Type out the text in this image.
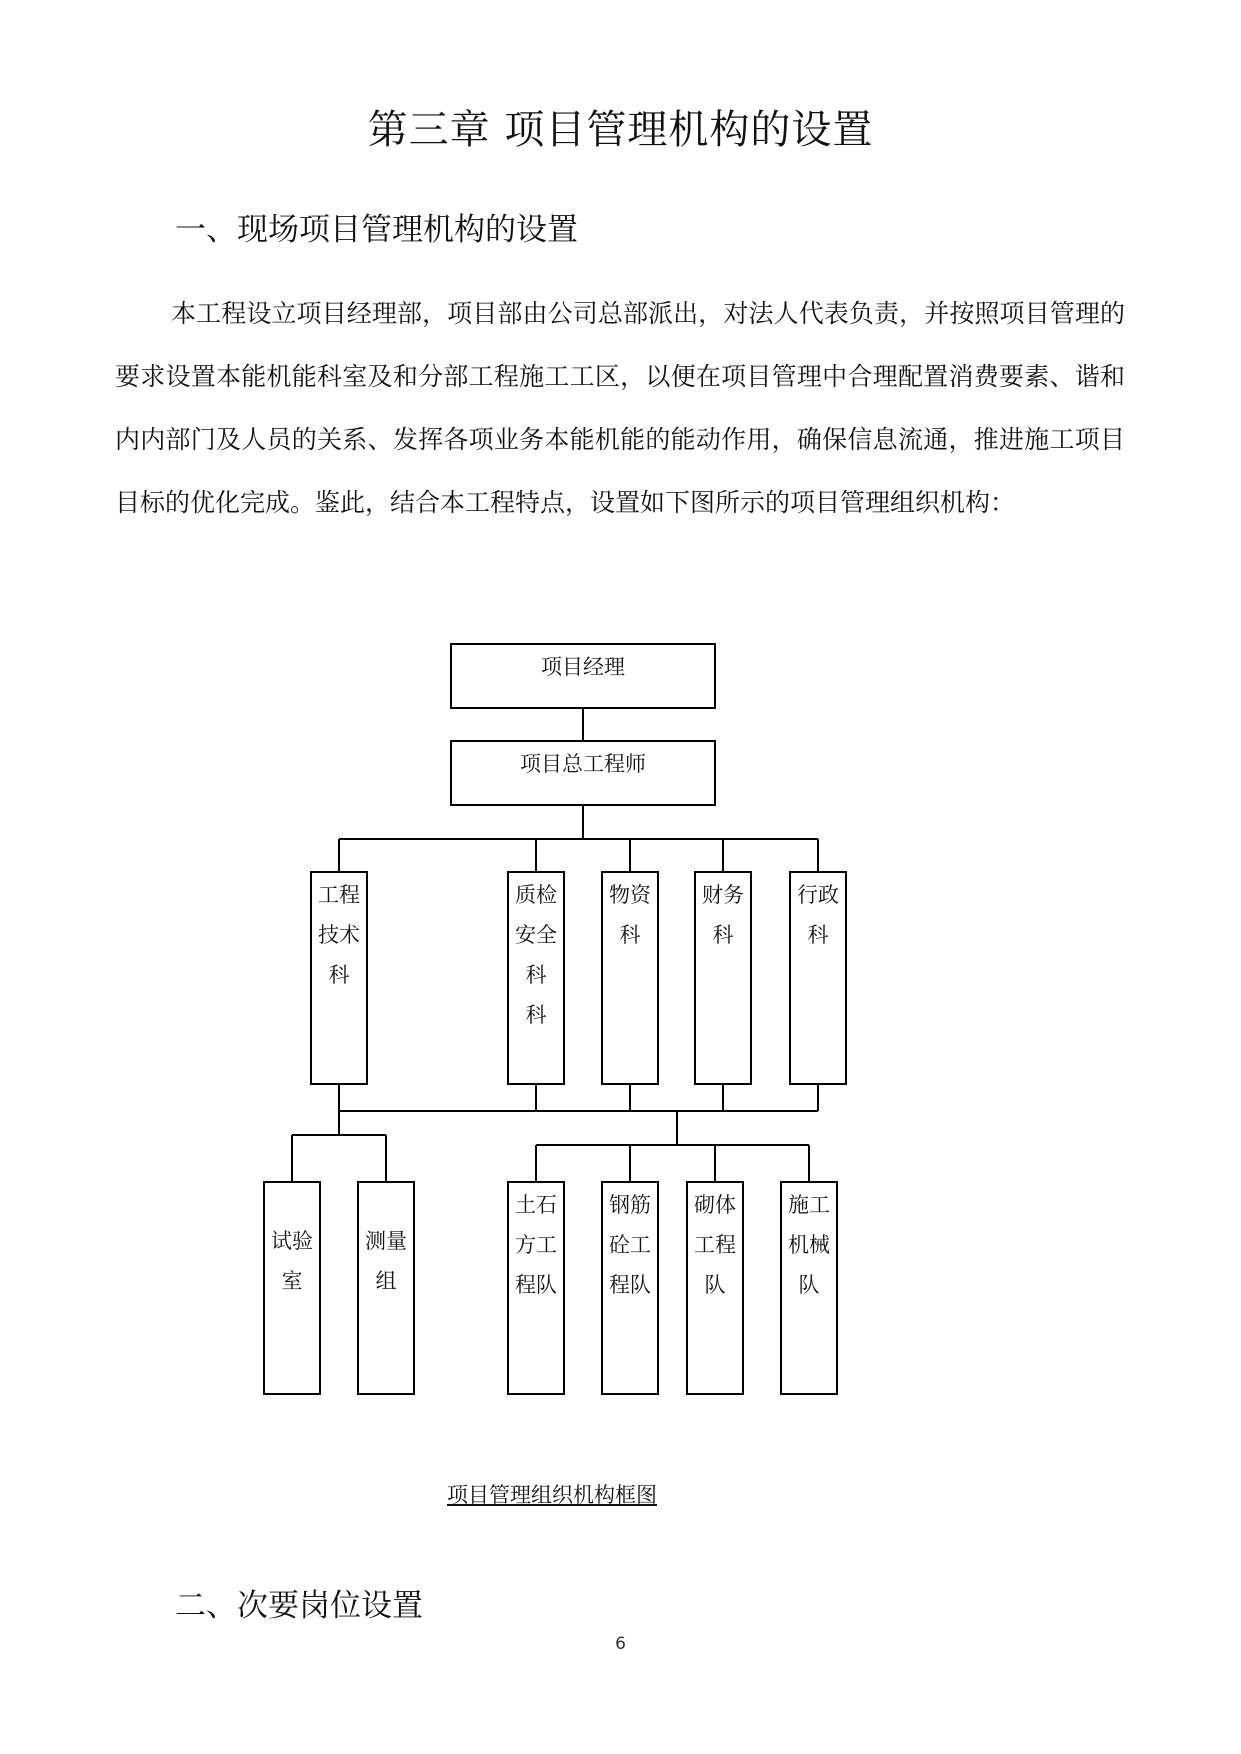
第三章 项目管理机构的设置
一、现场项目管理机构的设置
本工程设立项目经理部，项目部由公司总部派出，对法人代表负责，并按照项目管理的要求设置本能机能科室及和分部工程施工工区，以便在项目管理中合理配置消费要素、谐和内内部门及人员的关系、发挥各项业务本能机能的能动作用，确保信息流通，推进施工项目目标的优化完成。鉴此，结合本工程特点，设置如下图所示的项目管理组织机构：
项目经理
项目总工程师
工程
技术
科
质检
安全
科
科
物资
科
财务
科
行政
科
试验
室
测量
组
土石
方工
程队
钢筋
砼工
程队
砌体
工程
队
施工
机械
队
项目管理组织机构框图
二、次要岗位设置
6
